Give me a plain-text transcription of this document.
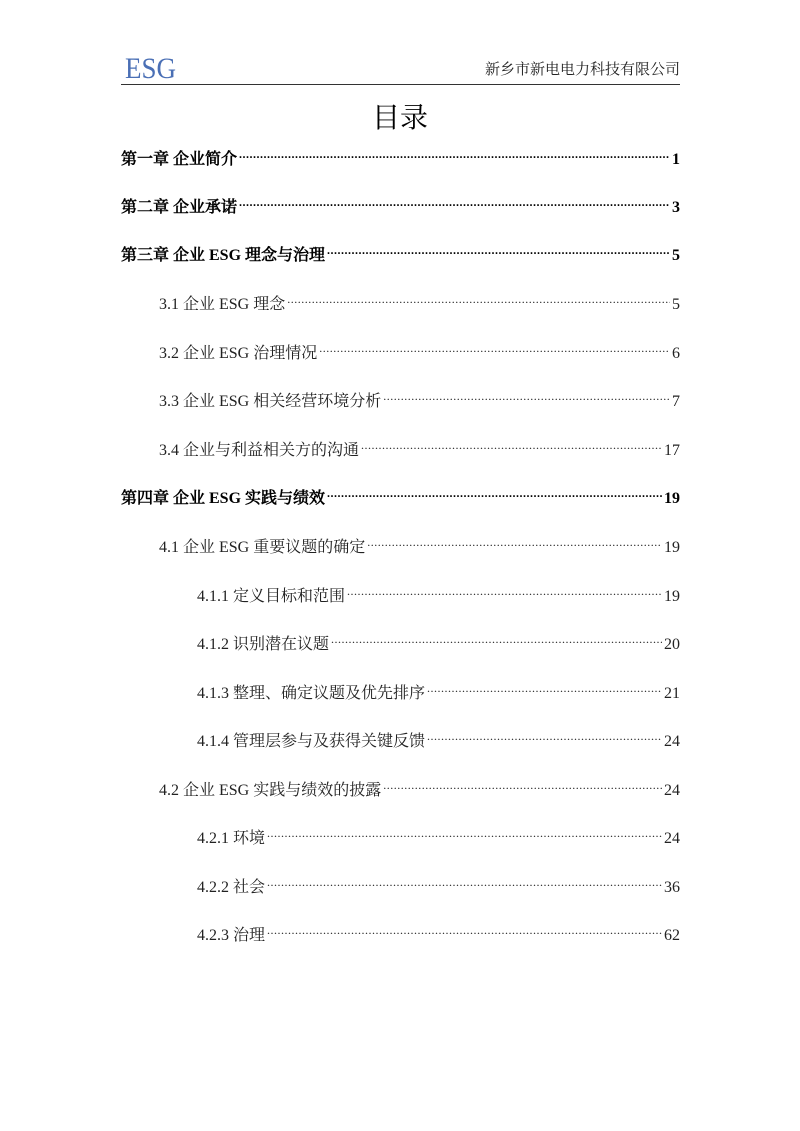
ESG	新乡市新电电力科技有限公司
目录
第一章 企业简介 .....	1
第二章 企业承诺 .....	3
第三章 企业 ESG 理念与治理 .....	5
3.1 企业 ESG 理念 .....	5
3.2 企业 ESG 治理情况 .....	6
3.3 企业 ESG 相关经营环境分析 .....	7
3.4 企业与利益相关方的沟通 .....	17
第四章 企业 ESG 实践与绩效 .....	19
4.1 企业 ESG 重要议题的确定 .....	19
4.1.1 定义目标和范围 .....	19
4.1.2 识别潜在议题 .....	20
4.1.3 整理、确定议题及优先排序 .....	21
4.1.4 管理层参与及获得关键反馈 .....	24
4.2 企业 ESG 实践与绩效的披露 .....	24
4.2.1 环境 .....	24
4.2.2 社会 .....	36
4.2.3 治理 .....	62
